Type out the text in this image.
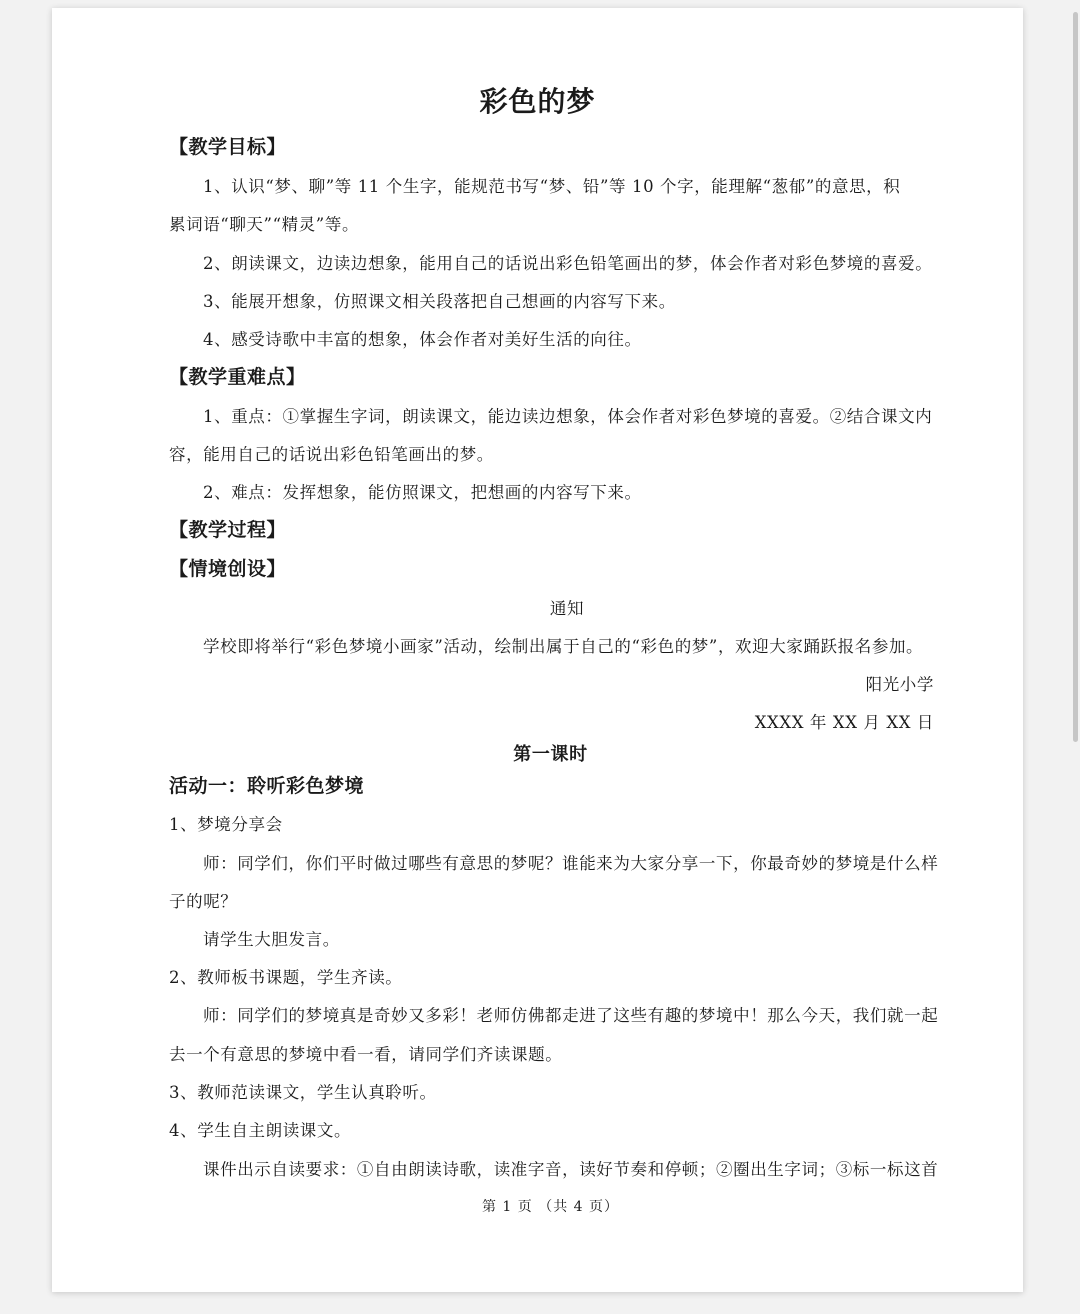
彩色的梦
【教学目标】
1、认识“梦、聊”等 11 个生字，能规范书写“梦、铅”等 10 个字，能理解“葱郁”的意思，积
累词语“聊天”“精灵”等。
2、朗读课文，边读边想象，能用自己的话说出彩色铅笔画出的梦，体会作者对彩色梦境的喜爱。
3、能展开想象，仿照课文相关段落把自己想画的内容写下来。
4、感受诗歌中丰富的想象，体会作者对美好生活的向往。
【教学重难点】
1、重点：①掌握生字词，朗读课文，能边读边想象，体会作者对彩色梦境的喜爱。②结合课文内
容，能用自己的话说出彩色铅笔画出的梦。
2、难点：发挥想象，能仿照课文，把想画的内容写下来。
【教学过程】
【情境创设】
通知
学校即将举行“彩色梦境小画家”活动，绘制出属于自己的“彩色的梦”，欢迎大家踊跃报名参加。
阳光小学
XXXX 年 XX 月 XX 日
第一课时
活动一：聆听彩色梦境
1、梦境分享会
师：同学们，你们平时做过哪些有意思的梦呢？谁能来为大家分享一下，你最奇妙的梦境是什么样
子的呢？
请学生大胆发言。
2、教师板书课题，学生齐读。
师：同学们的梦境真是奇妙又多彩！老师仿佛都走进了这些有趣的梦境中！那么今天，我们就一起
去一个有意思的梦境中看一看，请同学们齐读课题。
3、教师范读课文，学生认真聆听。
4、学生自主朗读课文。
课件出示自读要求：①自由朗读诗歌，读准字音，读好节奏和停顿；②圈出生字词；③标一标这首
第 1 页 （共 4 页）
